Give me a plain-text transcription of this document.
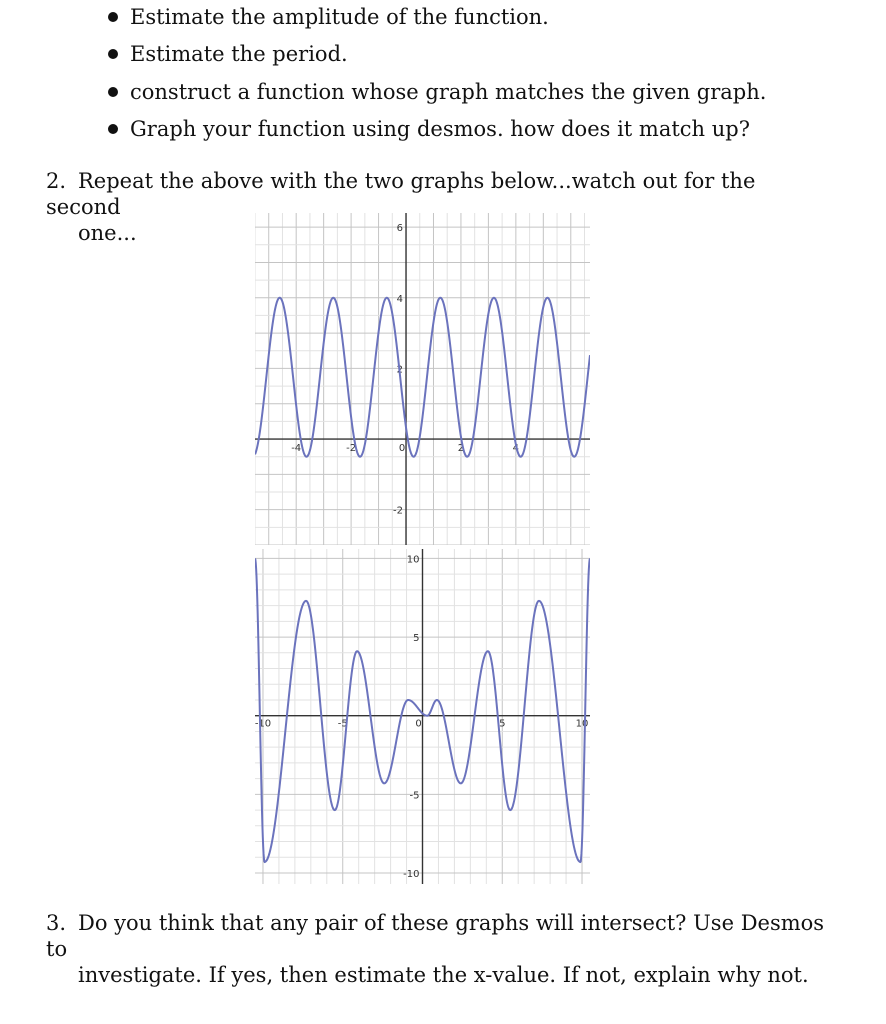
Estimate the amplitude of the function.
Estimate the period.
construct a function whose graph matches the given graph.
Graph your function using desmos. how does it match up?
2. Repeat the above with the two graphs below...watch out for the second
one...
-4	-2	0	2	4
-2
2
4
6
-10	-5	0	5	10
-10
-5
5
10
3. Do you think that any pair of these graphs will intersect? Use Desmos to
investigate. If yes, then estimate the x-value. If not, explain why not.
